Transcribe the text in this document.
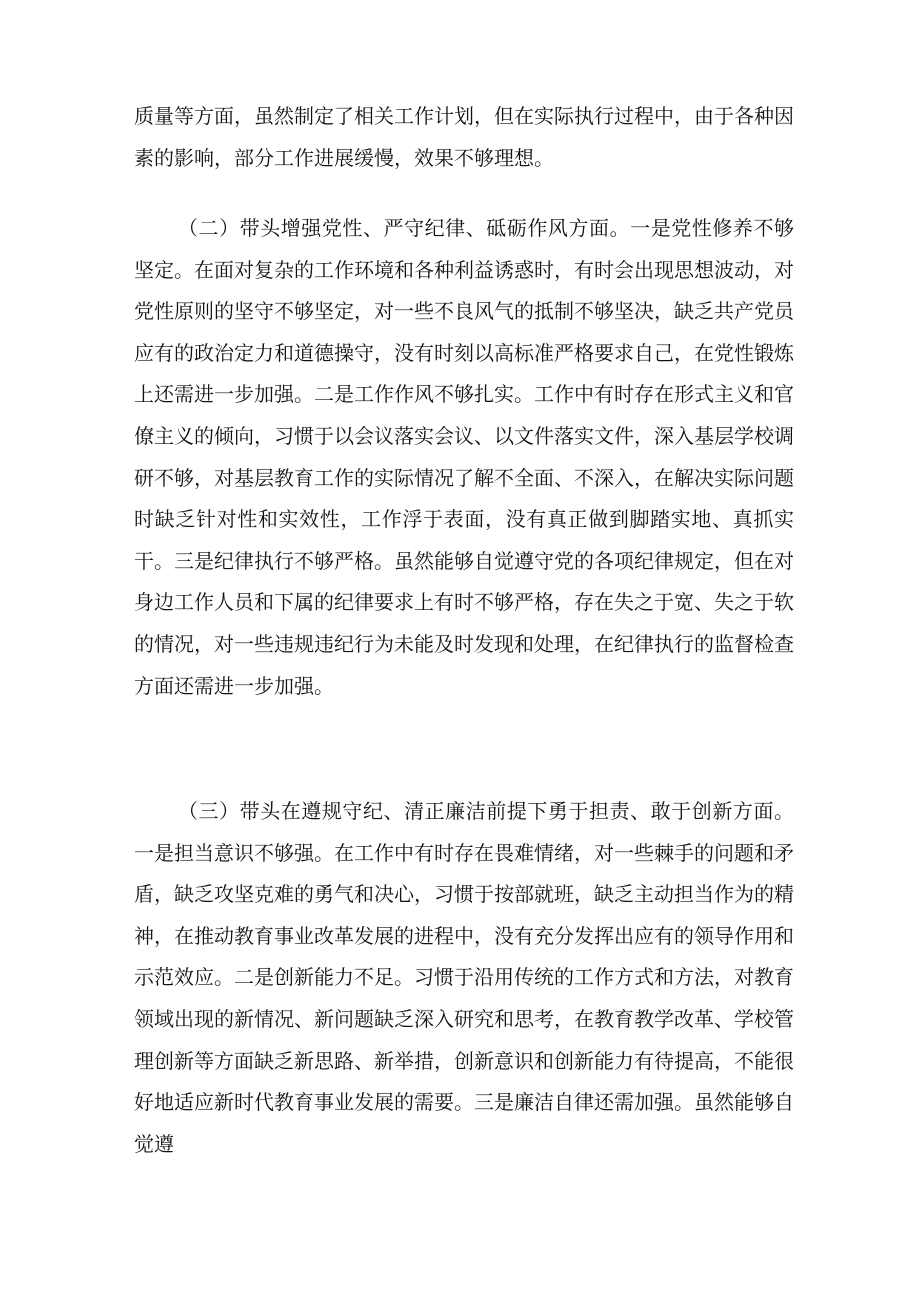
质量等方面，虽然制定了相关工作计划，但在实际执行过程中，由于各种因素的影响，部分工作进展缓慢，效果不够理想。

（二）带头增强党性、严守纪律、砥砺作风方面。一是党性修养不够坚定。在面对复杂的工作环境和各种利益诱惑时，有时会出现思想波动，对党性原则的坚守不够坚定，对一些不良风气的抵制不够坚决，缺乏共产党员应有的政治定力和道德操守，没有时刻以高标准严格要求自己，在党性锻炼上还需进一步加强。二是工作作风不够扎实。工作中有时存在形式主义和官僚主义的倾向，习惯于以会议落实会议、以文件落实文件，深入基层学校调研不够，对基层教育工作的实际情况了解不全面、不深入，在解决实际问题时缺乏针对性和实效性，工作浮于表面，没有真正做到脚踏实地、真抓实干。三是纪律执行不够严格。虽然能够自觉遵守党的各项纪律规定，但在对身边工作人员和下属的纪律要求上有时不够严格，存在失之于宽、失之于软的情况，对一些违规违纪行为未能及时发现和处理，在纪律执行的监督检查方面还需进一步加强。

（三）带头在遵规守纪、清正廉洁前提下勇于担责、敢于创新方面。一是担当意识不够强。在工作中有时存在畏难情绪，对一些棘手的问题和矛盾，缺乏攻坚克难的勇气和决心，习惯于按部就班，缺乏主动担当作为的精神，在推动教育事业改革发展的进程中，没有充分发挥出应有的领导作用和示范效应。二是创新能力不足。习惯于沿用传统的工作方式和方法，对教育领域出现的新情况、新问题缺乏深入研究和思考，在教育教学改革、学校管理创新等方面缺乏新思路、新举措，创新意识和创新能力有待提高，不能很好地适应新时代教育事业发展的需要。三是廉洁自律还需加强。虽然能够自觉遵
